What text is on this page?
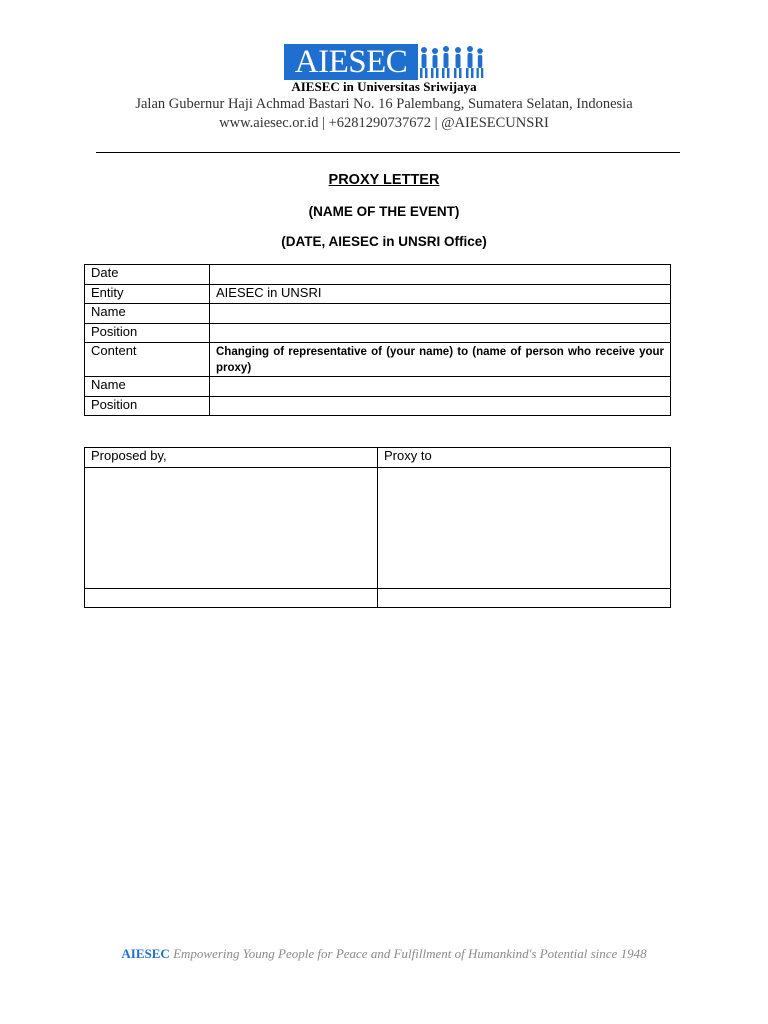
AIESEC
AIESEC in Universitas Sriwijaya
Jalan Gubernur Haji Achmad Bastari No. 16 Palembang, Sumatera Selatan, Indonesia
www.aiesec.or.id | +6281290737672 | @AIESECUNSRI
PROXY LETTER
(NAME OF THE EVENT)
(DATE, AIESEC in UNSRI Office)
Date	
Entity	AIESEC in UNSRI
Name	
Position	
Content	Changing of representative of (your name) to (name of person who receive your proxy)

Name	
Position	
Proposed by,	Proxy to

AIESEC Empowering Young People for Peace and Fulfillment of Humankind's Potential since 1948
